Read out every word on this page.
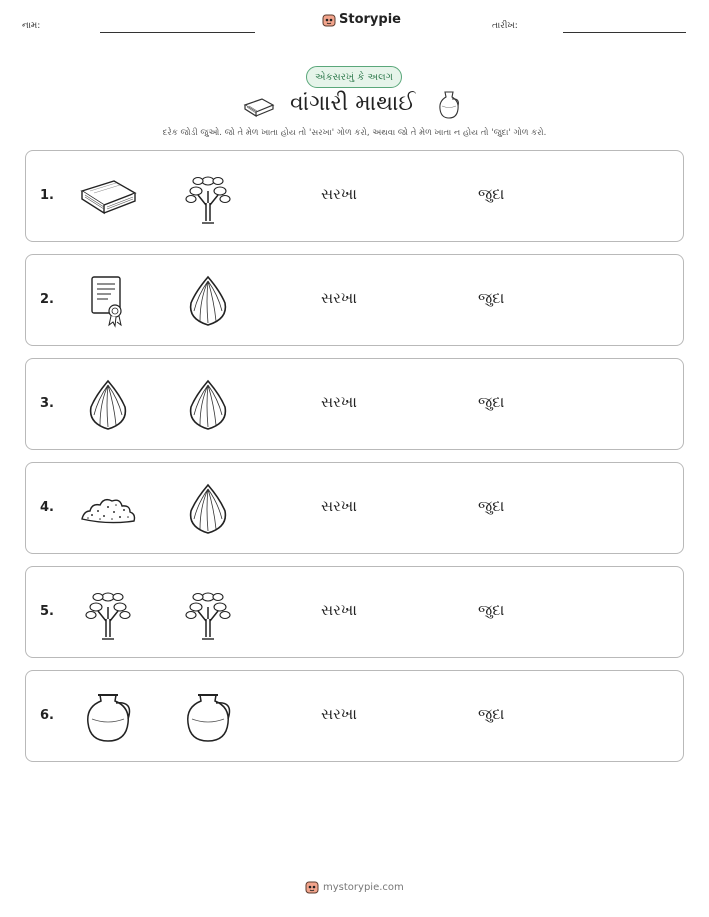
નામ:	Storypie	તારીખ:
એકસરખું કે અલગ
વાંગારી માથાઈ
દરેક જોડી જુઓ. જો તે મેળ ખાતા હોય તો 'સરખા' ગોળ કરો, અથવા જો તે મેળ ખાતા ન હોય તો 'જુદા' ગોળ કરો.
1.	સરખા	જુદા
2.	સરખા	જુદા
3.	સરખા	જુદા
4.	સરખા	જુદા
5.	સરખા	જુદા
6.	સરખા	જુદા
mystorypie.com
